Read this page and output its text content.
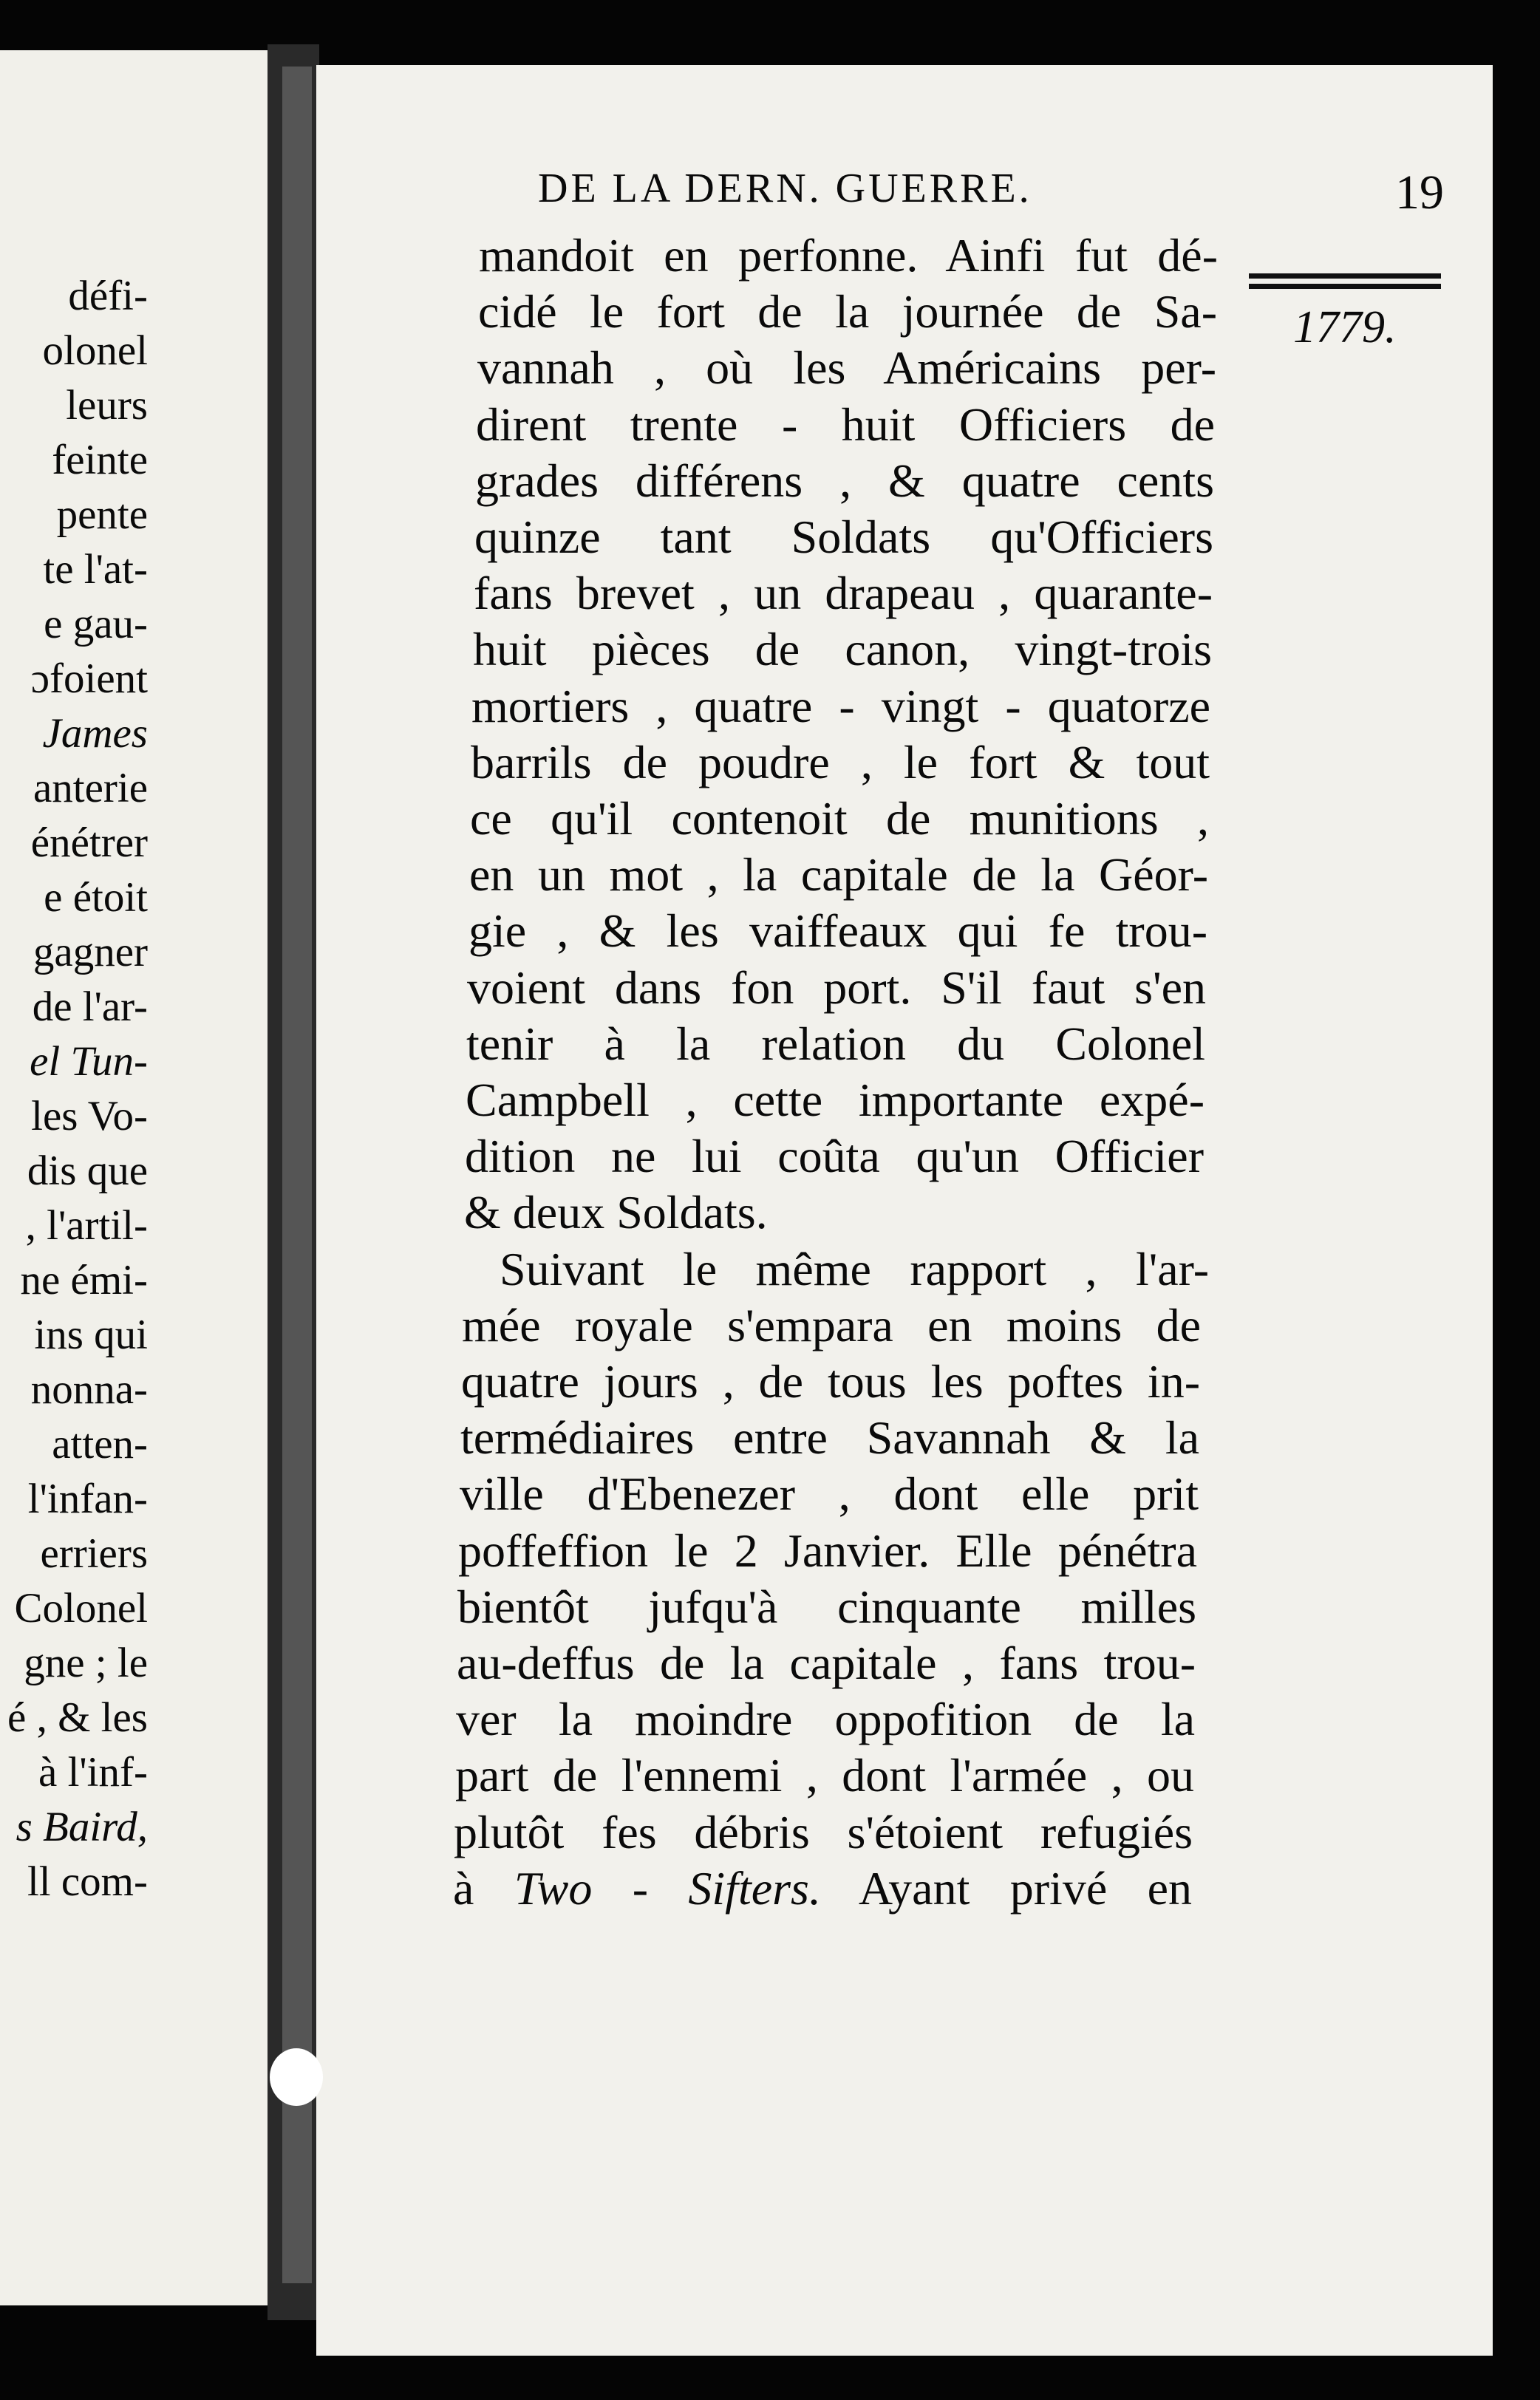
défi-
olonel
leurs
feinte
pente
te l'at-
e gau-
ɔfoient
James
anterie
énétrer
e étoit
gagner
de l'ar-
el Tun-
les Vo-
dis que
, l'artil-
ne émi-
ins qui
nonna-
atten-
l'infan-
erriers
Colonel
gne ; le
é , & les
à l'inf-
s Baird,
ll com-
DE LA DERN. GUERRE.	19
1779.
mandoit en perfonne. Ainfi fut dé-
cidé le fort de la journée de Sa-
vannah , où les Américains per-
dirent trente - huit Officiers de
grades différens , & quatre cents
quinze tant Soldats qu'Officiers
fans brevet , un drapeau , quarante-
huit pièces de canon, vingt-trois
mortiers , quatre - vingt - quatorze
barrils de poudre , le fort & tout
ce qu'il contenoit de munitions ,
en un mot , la capitale de la Géor-
gie , & les vaiffeaux qui fe trou-
voient dans fon port. S'il faut s'en
tenir à la relation du Colonel
Campbell , cette importante expé-
dition ne lui coûta qu'un Officier
& deux Soldats.
Suivant le même rapport , l'ar-
mée royale s'empara en moins de
quatre jours , de tous les poftes in-
termédiaires entre Savannah & la
ville d'Ebenezer , dont elle prit
poffeffion le 2 Janvier. Elle pénétra
bientôt jufqu'à cinquante milles
au-deffus de la capitale , fans trou-
ver la moindre oppofition de la
part de l'ennemi , dont l'armée , ou
plutôt fes débris s'étoient refugiés
à Two - Sifters. Ayant privé en
